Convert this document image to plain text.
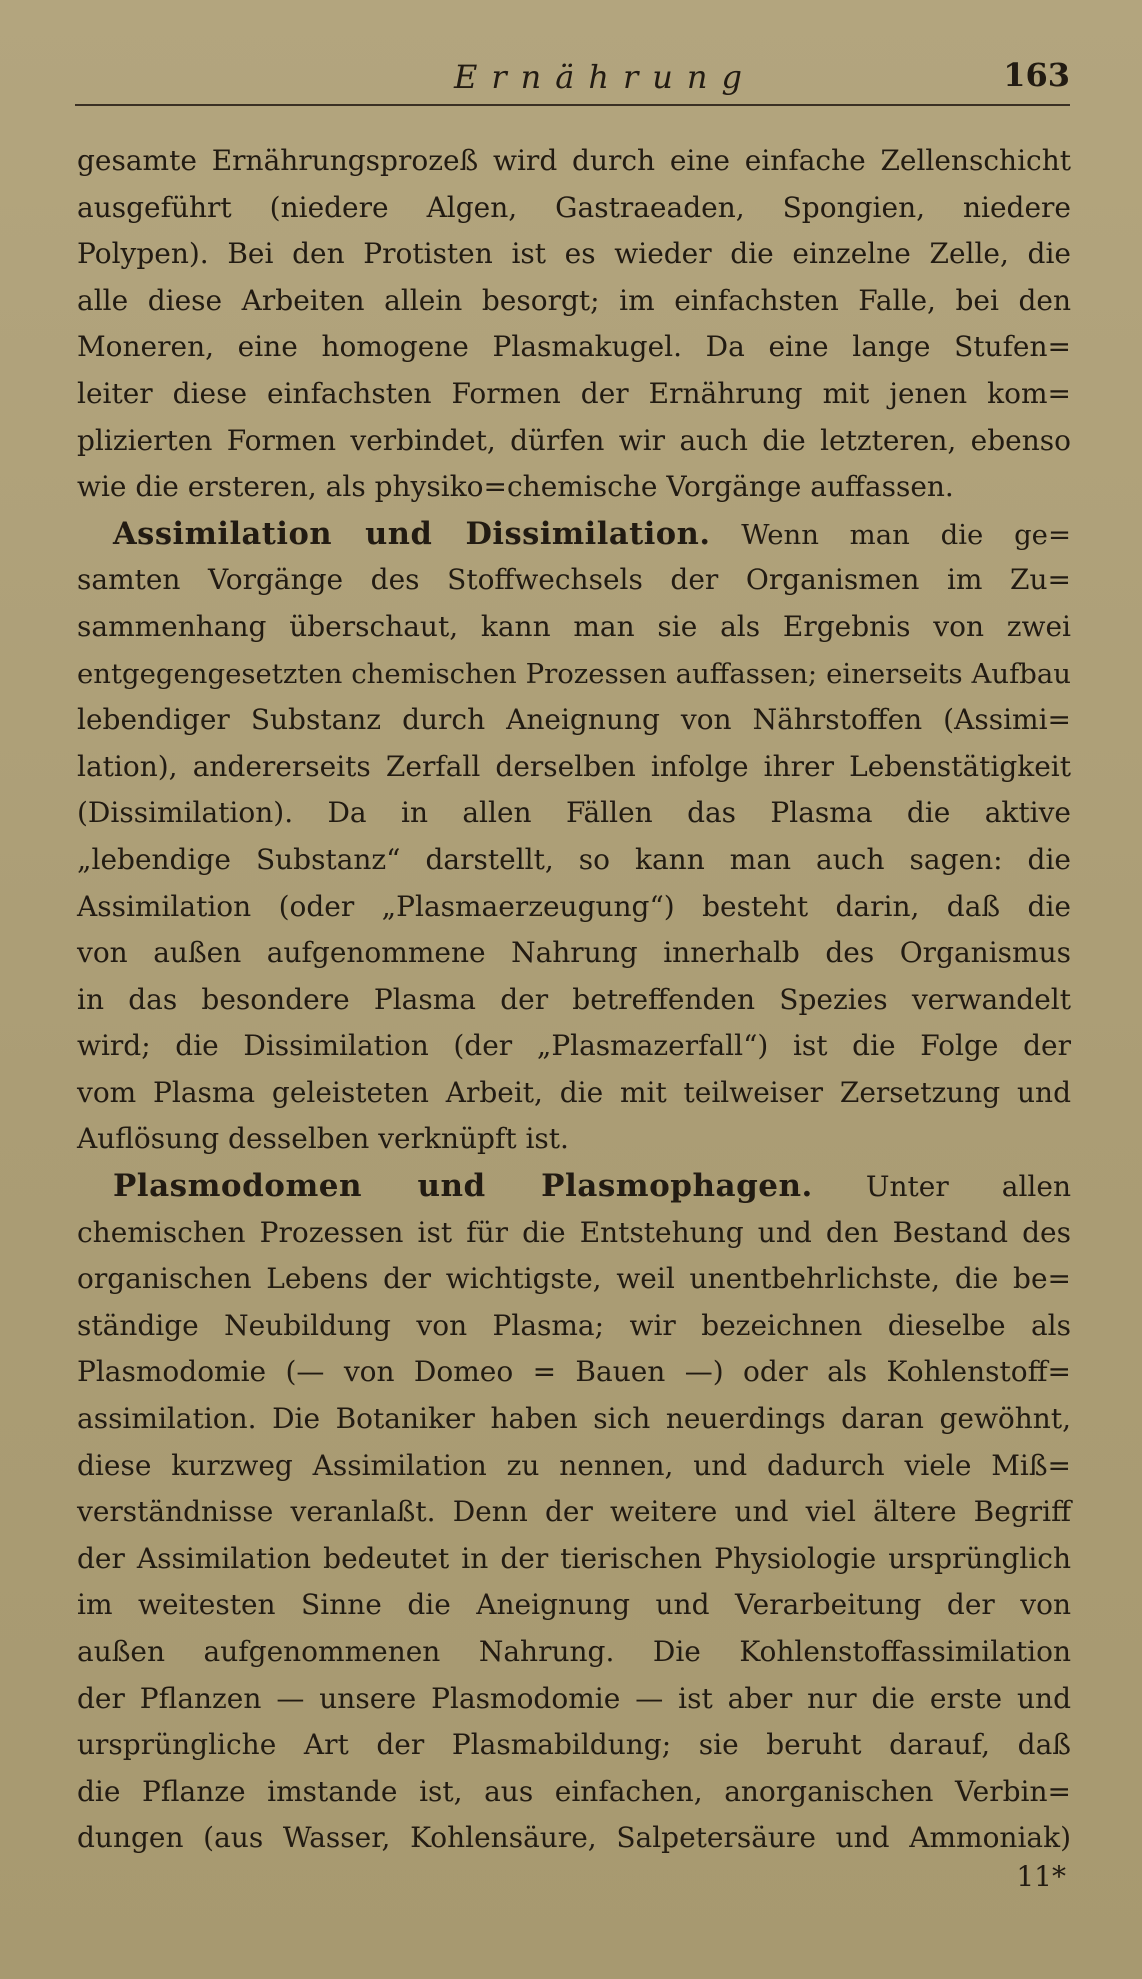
Ernährung	163
gesamte Ernährungsprozeß wird durch eine einfache Zellenschicht
ausgeführt (niedere Algen, Gastraeaden, Spongien, niedere
Polypen). Bei den Protisten ist es wieder die einzelne Zelle, die
alle diese Arbeiten allein besorgt; im einfachsten Falle, bei den
Moneren, eine homogene Plasmakugel. Da eine lange Stufen=
leiter diese einfachsten Formen der Ernährung mit jenen kom=
plizierten Formen verbindet, dürfen wir auch die letzteren, ebenso
wie die ersteren, als physiko=chemische Vorgänge auffassen.
Assimilation und Dissimilation. Wenn man die ge=
samten Vorgänge des Stoffwechsels der Organismen im Zu=
sammenhang überschaut, kann man sie als Ergebnis von zwei
entgegengesetzten chemischen Prozessen auffassen; einerseits Aufbau
lebendiger Substanz durch Aneignung von Nährstoffen (Assimi=
lation), andererseits Zerfall derselben infolge ihrer Lebenstätigkeit
(Dissimilation). Da in allen Fällen das Plasma die aktive
„lebendige Substanz“ darstellt, so kann man auch sagen: die
Assimilation (oder „Plasmaerzeugung“) besteht darin, daß die
von außen aufgenommene Nahrung innerhalb des Organismus
in das besondere Plasma der betreffenden Spezies verwandelt
wird; die Dissimilation (der „Plasmazerfall“) ist die Folge der
vom Plasma geleisteten Arbeit, die mit teilweiser Zersetzung und
Auflösung desselben verknüpft ist.
Plasmodomen und Plasmophagen. Unter allen
chemischen Prozessen ist für die Entstehung und den Bestand des
organischen Lebens der wichtigste, weil unentbehrlichste, die be=
ständige Neubildung von Plasma; wir bezeichnen dieselbe als
Plasmodomie (— von Domeo = Bauen —) oder als Kohlenstoff=
assimilation. Die Botaniker haben sich neuerdings daran gewöhnt,
diese kurzweg Assimilation zu nennen, und dadurch viele Miß=
verständnisse veranlaßt. Denn der weitere und viel ältere Begriff
der Assimilation bedeutet in der tierischen Physiologie ursprünglich
im weitesten Sinne die Aneignung und Verarbeitung der von
außen aufgenommenen Nahrung. Die Kohlenstoffassimilation
der Pflanzen — unsere Plasmodomie — ist aber nur die erste und
ursprüngliche Art der Plasmabildung; sie beruht darauf, daß
die Pflanze imstande ist, aus einfachen, anorganischen Verbin=
dungen (aus Wasser, Kohlensäure, Salpetersäure und Ammoniak)
11*
